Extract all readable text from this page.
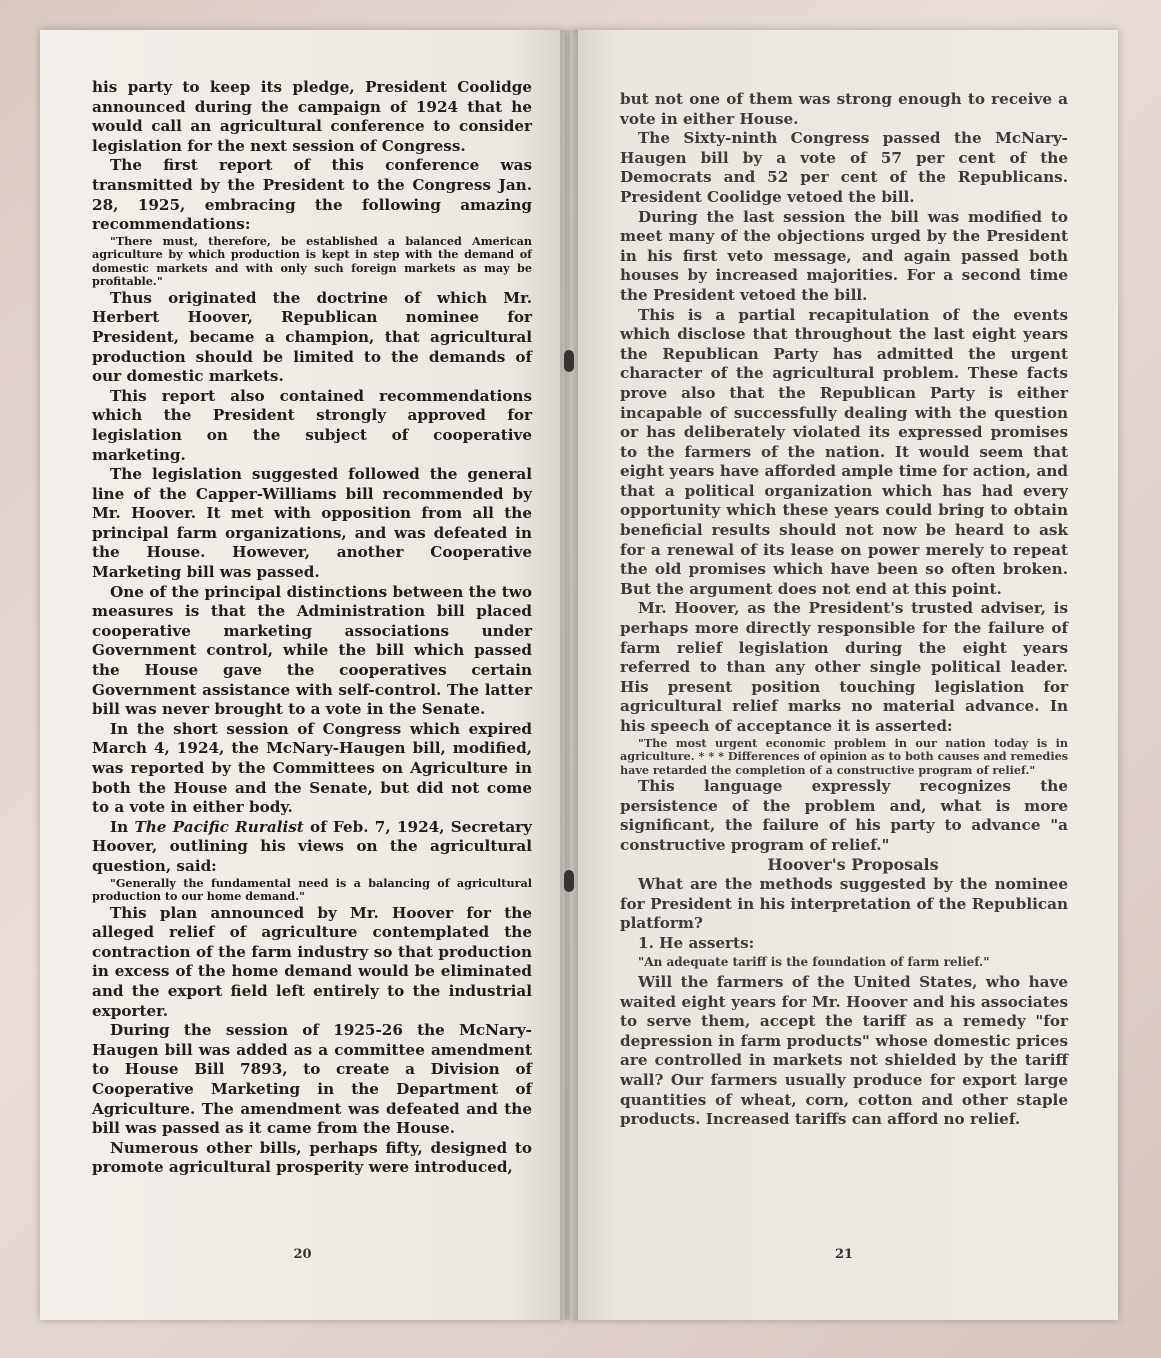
his party to keep its pledge, President Coolidge announced during the campaign of 1924 that he would call an agricultural conference to consider legislation for the next session of Congress.

The first report of this conference was transmitted by the President to the Congress Jan. 28, 1925, embracing the following amazing recommendations:

"There must, therefore, be established a balanced American agriculture by which production is kept in step with the demand of domestic markets and with only such foreign markets as may be profitable."

Thus originated the doctrine of which Mr. Herbert Hoover, Republican nominee for President, became a champion, that agricultural production should be limited to the demands of our domestic markets.

This report also contained recommendations which the President strongly approved for legislation on the subject of cooperative marketing.

The legislation suggested followed the general line of the Capper-Williams bill recommended by Mr. Hoover. It met with opposition from all the principal farm organizations, and was defeated in the House. However, another Cooperative Marketing bill was passed.

One of the principal distinctions between the two measures is that the Administration bill placed cooperative marketing associations under Government control, while the bill which passed the House gave the cooperatives certain Government assistance with self-control. The latter bill was never brought to a vote in the Senate.

In the short session of Congress which expired March 4, 1924, the McNary-Haugen bill, modified, was reported by the Committees on Agriculture in both the House and the Senate, but did not come to a vote in either body.

In The Pacific Ruralist of Feb. 7, 1924, Secretary Hoover, outlining his views on the agricultural question, said:

"Generally the fundamental need is a balancing of agricultural production to our home demand."

This plan announced by Mr. Hoover for the alleged relief of agriculture contemplated the contraction of the farm industry so that production in excess of the home demand would be eliminated and the export field left entirely to the industrial exporter.

During the session of 1925-26 the McNary-Haugen bill was added as a committee amendment to House Bill 7893, to create a Division of Cooperative Marketing in the Department of Agriculture. The amendment was defeated and the bill was passed as it came from the House.

Numerous other bills, perhaps fifty, designed to promote agricultural prosperity were introduced,

20

but not one of them was strong enough to receive a vote in either House.

The Sixty-ninth Congress passed the McNary-Haugen bill by a vote of 57 per cent of the Democrats and 52 per cent of the Republicans. President Coolidge vetoed the bill.

During the last session the bill was modified to meet many of the objections urged by the President in his first veto message, and again passed both houses by increased majorities. For a second time the President vetoed the bill.

This is a partial recapitulation of the events which disclose that throughout the last eight years the Republican Party has admitted the urgent character of the agricultural problem. These facts prove also that the Republican Party is either incapable of successfully dealing with the question or has deliberately violated its expressed promises to the farmers of the nation. It would seem that eight years have afforded ample time for action, and that a political organization which has had every opportunity which these years could bring to obtain beneficial results should not now be heard to ask for a renewal of its lease on power merely to repeat the old promises which have been so often broken. But the argument does not end at this point.

Mr. Hoover, as the President's trusted adviser, is perhaps more directly responsible for the failure of farm relief legislation during the eight years referred to than any other single political leader. His present position touching legislation for agricultural relief marks no material advance. In his speech of acceptance it is asserted:

"The most urgent economic problem in our nation today is in agriculture. * * * Differences of opinion as to both causes and remedies have retarded the completion of a constructive program of relief."

This language expressly recognizes the persistence of the problem and, what is more significant, the failure of his party to advance "a constructive program of relief."

Hoover's Proposals

What are the methods suggested by the nominee for President in his interpretation of the Republican platform?

1. He asserts:

"An adequate tariff is the foundation of farm relief."

Will the farmers of the United States, who have waited eight years for Mr. Hoover and his associates to serve them, accept the tariff as a remedy "for depression in farm products" whose domestic prices are controlled in markets not shielded by the tariff wall? Our farmers usually produce for export large quantities of wheat, corn, cotton and other staple products. Increased tariffs can afford no relief.

21
